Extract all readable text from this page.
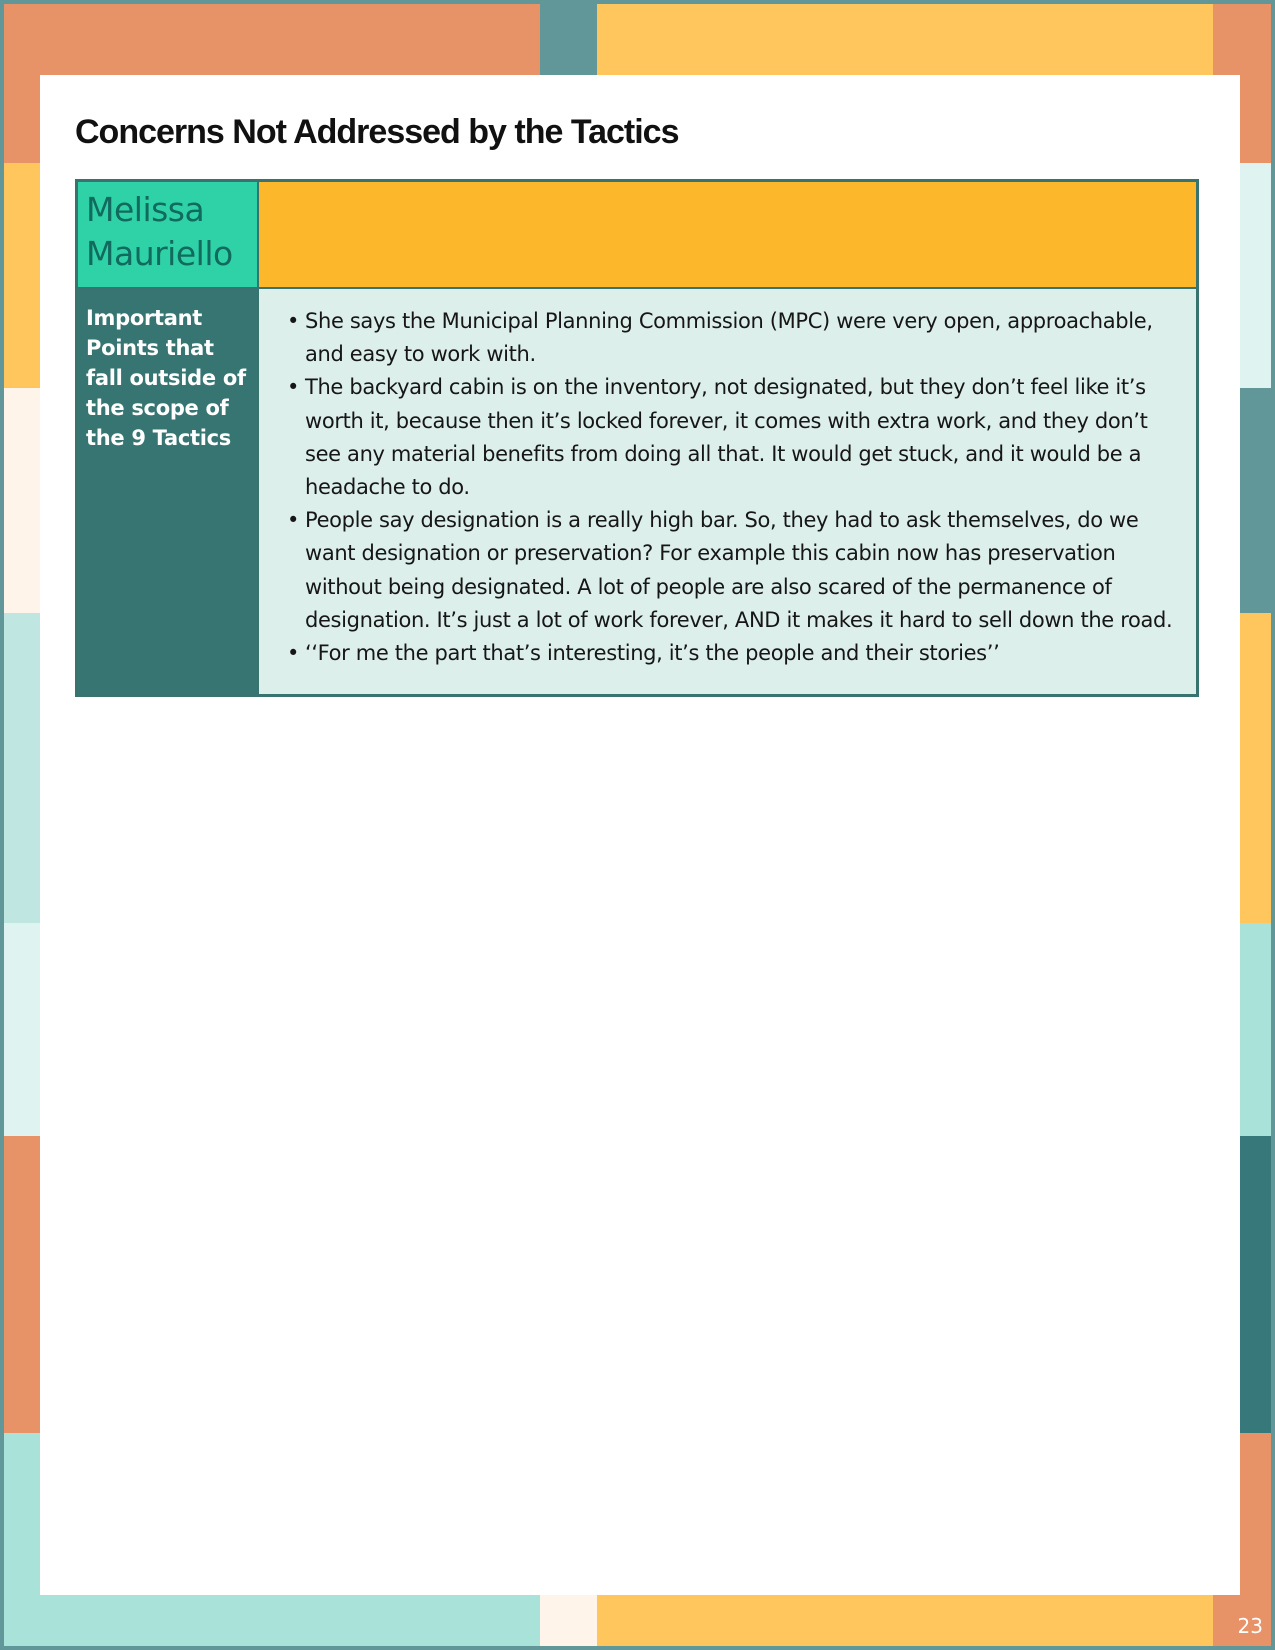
Concerns Not Addressed by the Tactics
Melissa Mauriello
Important Points that fall outside of the scope of the 9 Tactics
• She says the Municipal Planning Commission (MPC) were very open, approachable, and easy to work with.
• The backyard cabin is on the inventory, not designated, but they don’t feel like it’s worth it, because then it’s locked forever, it comes with extra work, and they don’t see any material benefits from doing all that. It would get stuck, and it would be a headache to do.
• People say designation is a really high bar. So, they had to ask themselves, do we want designation or preservation? For example this cabin now has preservation without being designated. A lot of people are also scared of the permanence of designation. It’s just a lot of work forever, AND it makes it hard to sell down the road.
• ‘‘For me the part that’s interesting, it’s the people and their stories’’
23
